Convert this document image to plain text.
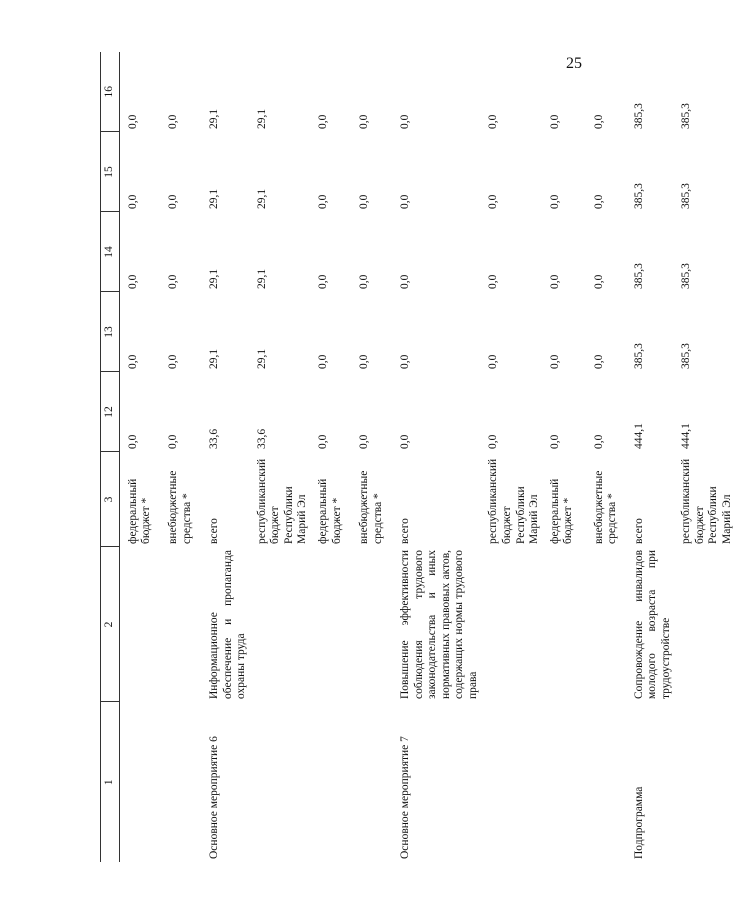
25
1	2	3	12	13	14	15	16
		федеральный бюджет *	0,0	0,0	0,0	0,0	0,0
		внебюджетные средства *	0,0	0,0	0,0	0,0	0,0
Основное мероприятие 6	Информационное обеспечение и пропаганда охраны труда	всего	33,6	29,1	29,1	29,1	29,1
		республиканский бюджет Республики Марий Эл	33,6	29,1	29,1	29,1	29,1
		федеральный бюджет *	0,0	0,0	0,0	0,0	0,0
		внебюджетные средства *	0,0	0,0	0,0	0,0	0,0
Основное мероприятие 7	Повышение эффективности соблюдения трудового законодательства и иных нормативных правовых актов, содержащих нормы трудового права	всего	0,0	0,0	0,0	0,0	0,0
		республиканский бюджет Республики Марий Эл	0,0	0,0	0,0	0,0	0,0
		федеральный бюджет *	0,0	0,0	0,0	0,0	0,0
		внебюджетные средства *	0,0	0,0	0,0	0,0	0,0
Подпрограмма	Сопровождение инвалидов молодого возраста при трудоустройстве	всего	444,1	385,3	385,3	385,3	385,3
		республиканский бюджет Республики Марий Эл	444,1	385,3	385,3	385,3	385,3
